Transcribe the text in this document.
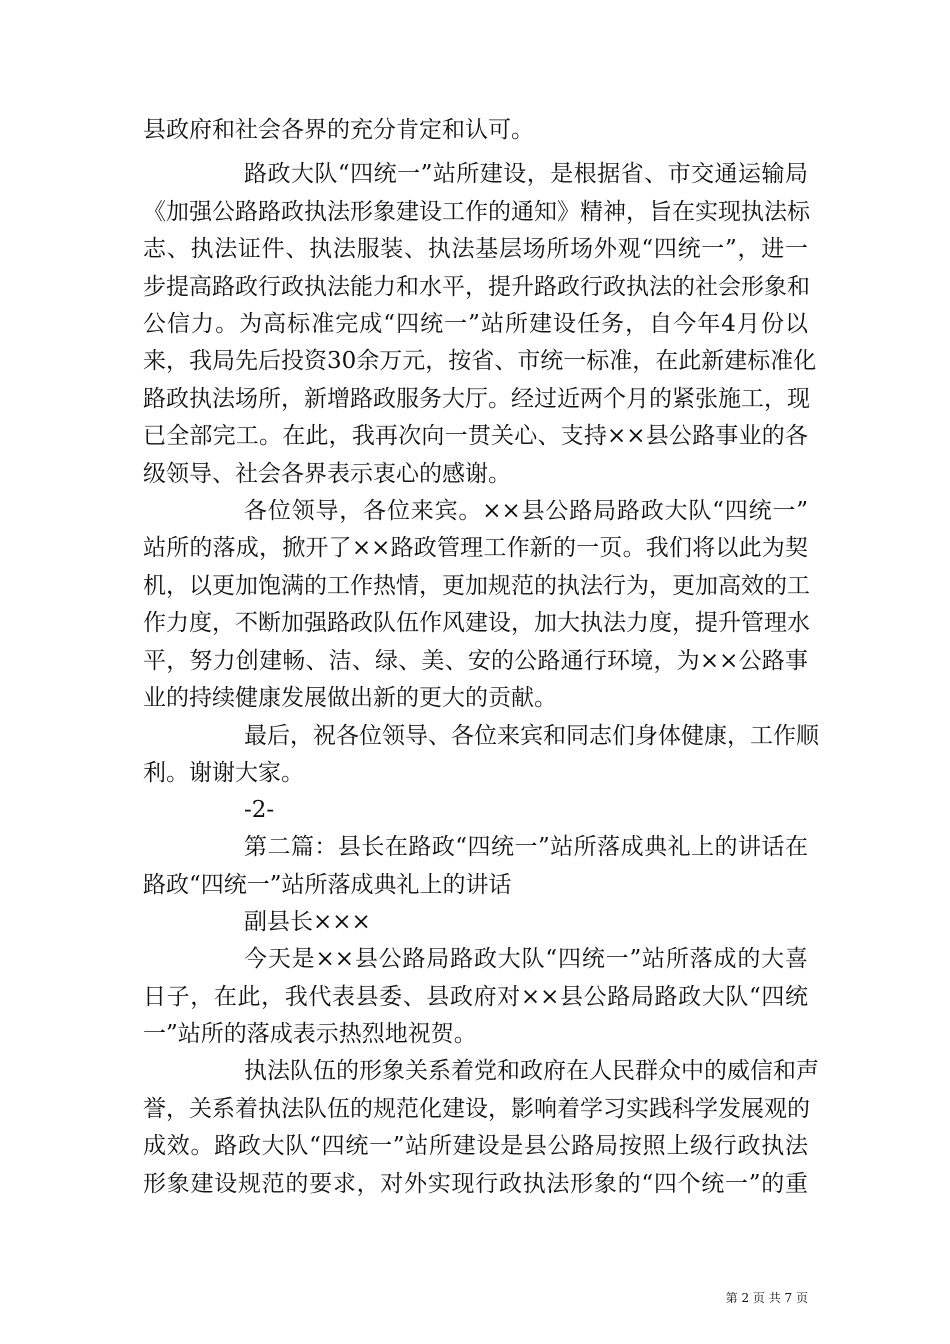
县政府和社会各界的充分肯定和认可。
路政大队“四统一”站所建设，是根据省、市交通运输局
《加强公路路政执法形象建设工作的通知》精神，旨在实现执法标
志、执法证件、执法服装、执法基层场所场外观“四统一”，进一
步提高路政行政执法能力和水平，提升路政行政执法的社会形象和
公信力。为高标准完成“四统一”站所建设任务，自今年4月份以
来，我局先后投资30余万元，按省、市统一标准，在此新建标准化
路政执法场所，新增路政服务大厅。经过近两个月的紧张施工，现
已全部完工。在此，我再次向一贯关心、支持××县公路事业的各
级领导、社会各界表示衷心的感谢。
各位领导，各位来宾。××县公路局路政大队“四统一”
站所的落成，掀开了××路政管理工作新的一页。我们将以此为契
机，以更加饱满的工作热情，更加规范的执法行为，更加高效的工
作力度，不断加强路政队伍作风建设，加大执法力度，提升管理水
平，努力创建畅、洁、绿、美、安的公路通行环境，为××公路事
业的持续健康发展做出新的更大的贡献。
最后，祝各位领导、各位来宾和同志们身体健康，工作顺
利。谢谢大家。
-2-
第二篇：县长在路政“四统一”站所落成典礼上的讲话在
路政“四统一”站所落成典礼上的讲话
副县长×××
今天是××县公路局路政大队“四统一”站所落成的大喜
日子，在此，我代表县委、县政府对××县公路局路政大队“四统
一”站所的落成表示热烈地祝贺。
执法队伍的形象关系着党和政府在人民群众中的威信和声
誉，关系着执法队伍的规范化建设，影响着学习实践科学发展观的
成效。路政大队“四统一”站所建设是县公路局按照上级行政执法
形象建设规范的要求，对外实现行政执法形象的“四个统一”的重
第 2 页 共 7 页
